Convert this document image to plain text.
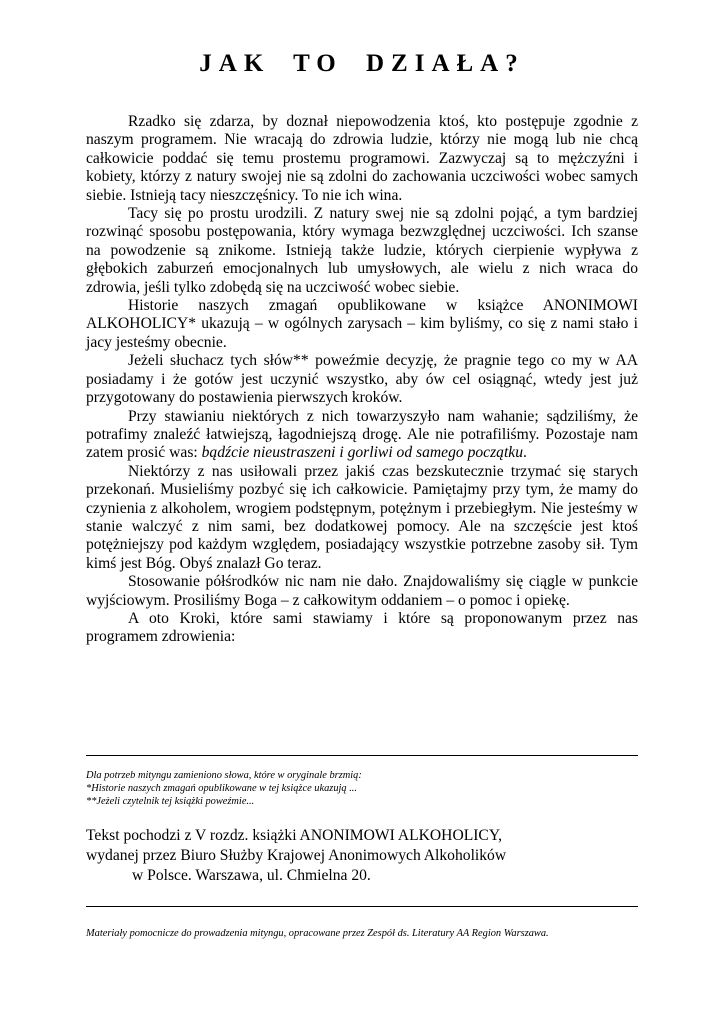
JAK TO DZIAŁA?

Rzadko się zdarza, by doznał niepowodzenia ktoś, kto postępuje zgodnie z naszym programem. Nie wracają do zdrowia ludzie, którzy nie mogą lub nie chcą całkowicie poddać się temu prostemu programowi. Zazwyczaj są to mężczyźni i kobiety, którzy z natury swojej nie są zdolni do zachowania uczciwości wobec samych siebie. Istnieją tacy nieszczęśnicy. To nie ich wina.

Tacy się po prostu urodzili. Z natury swej nie są zdolni pojąć, a tym bardziej rozwinąć sposobu postępowania, który wymaga bezwzględnej uczciwości. Ich szanse na powodzenie są znikome. Istnieją także ludzie, których cierpienie wypływa z głębokich zaburzeń emocjonalnych lub umysłowych, ale wielu z nich wraca do zdrowia, jeśli tylko zdobędą się na uczciwość wobec siebie.

Historie naszych zmagań opublikowane w książce ANONIMOWI ALKOHOLICY* ukazują – w ogólnych zarysach – kim byliśmy, co się z nami stało i jacy jesteśmy obecnie.

Jeżeli słuchacz tych słów** poweźmie decyzję, że pragnie tego co my w AA posiadamy i że gotów jest uczynić wszystko, aby ów cel osiągnąć, wtedy jest już przygotowany do postawienia pierwszych kroków.

Przy stawianiu niektórych z nich towarzyszyło nam wahanie; sądziliśmy, że potrafimy znaleźć łatwiejszą, łagodniejszą drogę. Ale nie potrafiliśmy. Pozostaje nam zatem prosić was: bądźcie nieustraszeni i gorliwi od samego początku.

Niektórzy z nas usiłowali przez jakiś czas bezskutecznie trzymać się starych przekonań. Musieliśmy pozbyć się ich całkowicie. Pamiętajmy przy tym, że mamy do czynienia z alkoholem, wrogiem podstępnym, potężnym i przebiegłym. Nie jesteśmy w stanie walczyć z nim sami, bez dodatkowej pomocy. Ale na szczęście jest ktoś potężniejszy pod każdym względem, posiadający wszystkie potrzebne zasoby sił. Tym kimś jest Bóg. Obyś znalazł Go teraz.

Stosowanie półśrodków nic nam nie dało. Znajdowaliśmy się ciągle w punkcie wyjściowym. Prosiliśmy Boga – z całkowitym oddaniem – o pomoc i opiekę.

A oto Kroki, które sami stawiamy i które są proponowanym przez nas programem zdrowienia:

Dla potrzeb mityngu zamieniono słowa, które w oryginale brzmią:
*Historie naszych zmagań opublikowane w tej książce ukazują ...
**Jeżeli czytelnik tej książki poweźmie...
Tekst pochodzi z V rozdz. książki ANONIMOWI ALKOHOLICY,
wydanej przez Biuro Służby Krajowej Anonimowych Alkoholików
w Polsce. Warszawa, ul. Chmielna 20.
Materiały pomocnicze do prowadzenia mityngu, opracowane przez Zespół ds. Literatury AA Region Warszawa.
